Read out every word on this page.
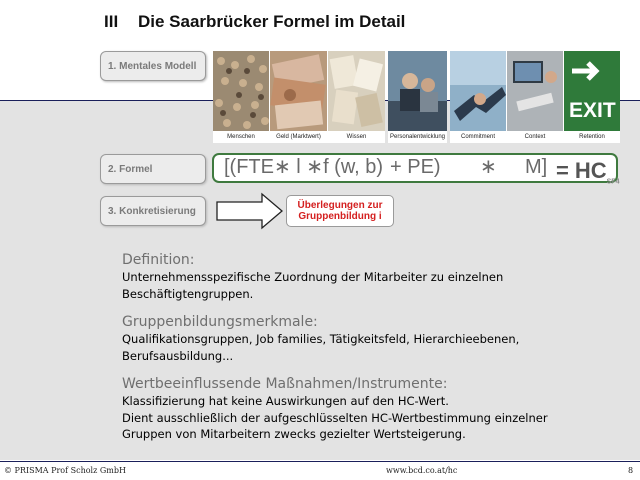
III Die Saarbrücker Formel im Detail
1. Mentales Modell
Menschen	Geld (Marktwert)	Wissen	Personalentwicklung
EXIT
Commitment	Context	Retention
2. Formel	[(FTE∗ l ∗f (w, b) + PE) ∗ $M] = HC_{SF4}$
3. Konkretisierung	Überlegungen zur
Gruppenbildung i
Definition:
Unternehmensspezifische Zuordnung der Mitarbeiter zu einzelnen
Beschäftigtengruppen.
Gruppenbildungsmerkmale:
Qualifikationsgruppen, Job families, Tätigkeitsfeld, Hierarchieebenen,
Berufsausbildung...
Wertbeeinflussende Maßnahmen/Instrumente:
Klassifizierung hat keine Auswirkungen auf den HC-Wert.
Dient ausschließlich der aufgeschlüsselten HC-Wertbestimmung einzelner
Gruppen von Mitarbeitern zwecks gezielter Wertsteigerung.
© PRISMA Prof Scholz GmbH	www.bcd.co.at/hc	8
